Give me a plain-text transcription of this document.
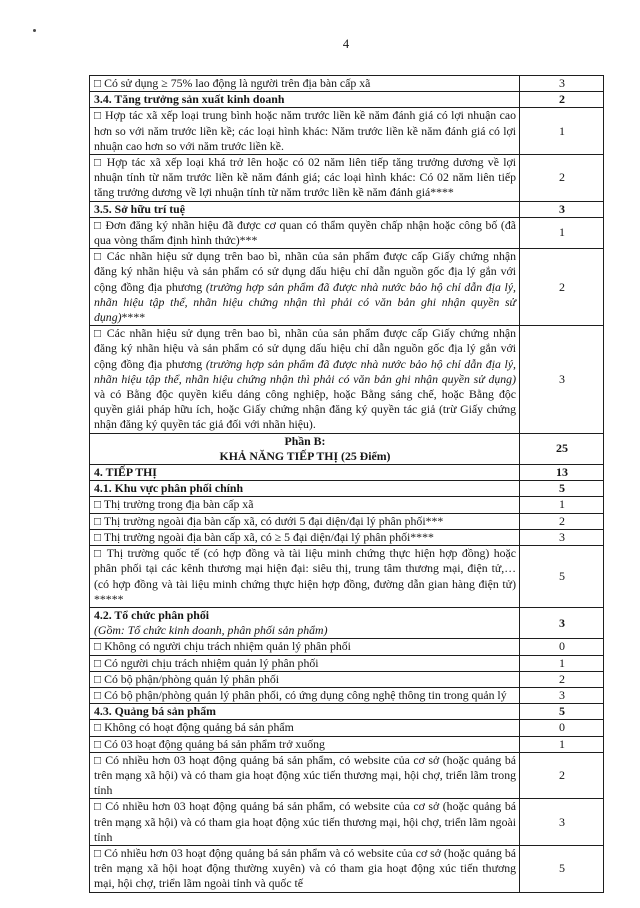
4
□ Có sử dụng ≥ 75% lao động là người trên địa bàn cấp xã	3
3.4. Tăng trưởng sản xuất kinh doanh	2
□ Hợp tác xã xếp loại trung bình hoặc năm trước liền kề năm đánh giá có lợi nhuận cao hơn so với năm trước liền kề; các loại hình khác: Năm trước liền kề năm đánh giá có lợi nhuận cao hơn so với năm trước liền kề.	1
□ Hợp tác xã xếp loại khá trở lên hoặc có 02 năm liên tiếp tăng trưởng dương về lợi nhuận tính từ năm trước liền kề năm đánh giá; các loại hình khác: Có 02 năm liên tiếp tăng trưởng dương về lợi nhuận tính từ năm trước liền kề năm đánh giá****	2
3.5. Sở hữu trí tuệ	3
□ Đơn đăng ký nhãn hiệu đã được cơ quan có thẩm quyền chấp nhận hoặc công bố (đã qua vòng thẩm định hình thức)***	1
□ Các nhãn hiệu sử dụng trên bao bì, nhãn của sản phẩm được cấp Giấy chứng nhận đăng ký nhãn hiệu và sản phẩm có sử dụng dấu hiệu chỉ dẫn nguồn gốc địa lý gắn với cộng đồng địa phương (trường hợp sản phẩm đã được nhà nước bảo hộ chỉ dẫn địa lý, nhãn hiệu tập thể, nhãn hiệu chứng nhận thì phải có văn bản ghi nhận quyền sử dụng)****	2
□ Các nhãn hiệu sử dụng trên bao bì, nhãn của sản phẩm được cấp Giấy chứng nhận đăng ký nhãn hiệu và sản phẩm có sử dụng dấu hiệu chỉ dẫn nguồn gốc địa lý gắn với cộng đồng địa phương (trường hợp sản phẩm đã được nhà nước bảo hộ chỉ dẫn địa lý, nhãn hiệu tập thể, nhãn hiệu chứng nhận thì phải có văn bản ghi nhận quyền sử dụng) và có Bằng độc quyền kiểu dáng công nghiệp, hoặc Bằng sáng chế, hoặc Bằng độc quyền giải pháp hữu ích, hoặc Giấy chứng nhận đăng ký quyền tác giả (trừ Giấy chứng nhận đăng ký quyền tác giả đối với nhãn hiệu).	3

Phần B:
KHẢ NĂNG TIẾP THỊ (25 Điểm)	25
4. TIẾP THỊ	13
4.1. Khu vực phân phối chính	5
□ Thị trường trong địa bàn cấp xã	1
□ Thị trường ngoài địa bàn cấp xã, có dưới 5 đại diện/đại lý phân phối***	2
□ Thị trường ngoài địa bàn cấp xã, có ≥ 5 đại diện/đại lý phân phối****	3
□ Thị trường quốc tế (có hợp đồng và tài liệu minh chứng thực hiện hợp đồng) hoặc phân phối tại các kênh thương mại hiện đại: siêu thị, trung tâm thương mại, điện tử,… (có hợp đồng và tài liệu minh chứng thực hiện hợp đồng, đường dẫn gian hàng điện tử) *****	5

4.2. Tổ chức phân phối
(Gồm: Tổ chức kinh doanh, phân phối sản phẩm)	3
□ Không có người chịu trách nhiệm quản lý phân phối	0
□ Có người chịu trách nhiệm quản lý phân phối	1
□ Có bộ phận/phòng quản lý phân phối	2
□ Có bộ phận/phòng quản lý phân phối, có ứng dụng công nghệ thông tin trong quản lý	3
4.3. Quảng bá sản phẩm	5
□ Không có hoạt động quảng bá sản phẩm	0
□ Có 03 hoạt động quảng bá sản phẩm trở xuống	1
□ Có nhiều hơn 03 hoạt động quảng bá sản phẩm, có website của cơ sở (hoặc quảng bá trên mạng xã hội) và có tham gia hoạt động xúc tiến thương mại, hội chợ, triển lãm trong tỉnh	2
□ Có nhiều hơn 03 hoạt động quảng bá sản phẩm, có website của cơ sở (hoặc quảng bá trên mạng xã hội) và có tham gia hoạt động xúc tiến thương mại, hội chợ, triển lãm ngoài tỉnh	3
□ Có nhiều hơn 03 hoạt động quảng bá sản phẩm và có website của cơ sở (hoặc quảng bá trên mạng xã hội hoạt động thường xuyên) và có tham gia hoạt động xúc tiến thương mại, hội chợ, triển lãm ngoài tỉnh và quốc tế	5
